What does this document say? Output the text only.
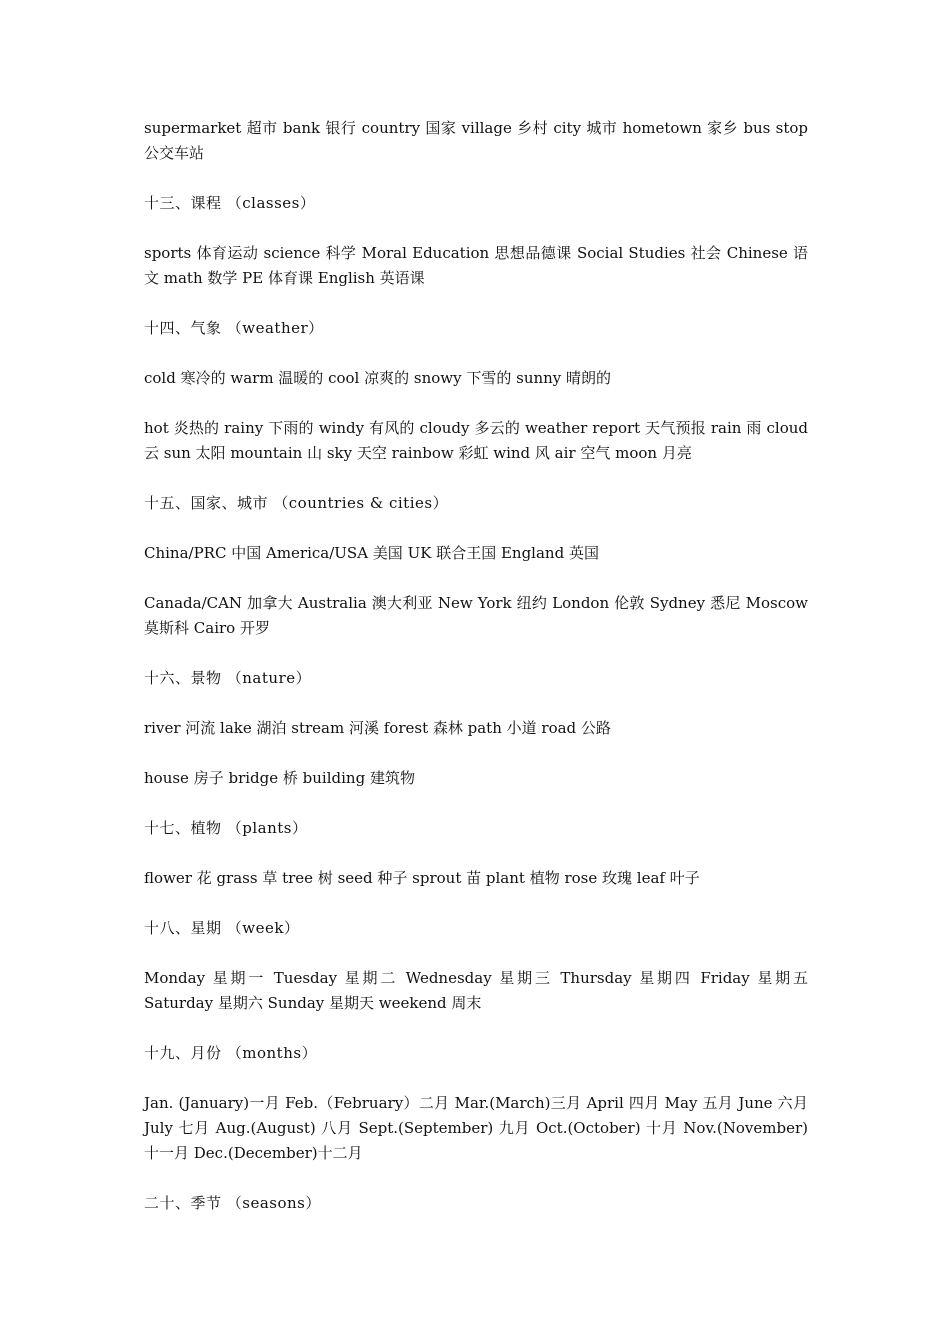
supermarket 超市 bank 银行 country 国家 village 乡村 city 城市 hometown 家乡 bus stop 公交车站

十三、课程 （classes）

sports 体育运动 science 科学 Moral Education 思想品德课 Social Studies 社会 Chinese 语文 math 数学 PE 体育课 English 英语课

十四、气象 （weather）

cold 寒冷的 warm 温暖的 cool 凉爽的 snowy 下雪的 sunny 晴朗的

hot 炎热的 rainy 下雨的 windy 有风的 cloudy 多云的 weather report 天气预报 rain 雨 cloud 云 sun 太阳 mountain 山 sky 天空 rainbow 彩虹 wind 风 air 空气 moon 月亮

十五、国家、城市 （countries & cities）

China/PRC 中国 America/USA 美国 UK 联合王国 England 英国

Canada/CAN 加拿大 Australia 澳大利亚 New York 纽约 London 伦敦 Sydney 悉尼 Moscow 莫斯科 Cairo 开罗

十六、景物 （nature）

river 河流 lake 湖泊 stream 河溪 forest 森林 path 小道 road 公路

house 房子 bridge 桥 building 建筑物

十七、植物 （plants）

flower 花 grass 草 tree 树 seed 种子 sprout 苗 plant 植物 rose 玫瑰 leaf 叶子

十八、星期 （week）

Monday 星期一 Tuesday 星期二 Wednesday 星期三 Thursday 星期四 Friday 星期五 Saturday 星期六 Sunday 星期天 weekend 周末

十九、月份 （months）

Jan. (January)一月 Feb.（February）二月 Mar.(March)三月 April 四月 May 五月 June 六月 July 七月 Aug.(August) 八月 Sept.(September) 九月 Oct.(October) 十月 Nov.(November) 十一月 Dec.(December)十二月

二十、季节 （seasons）
